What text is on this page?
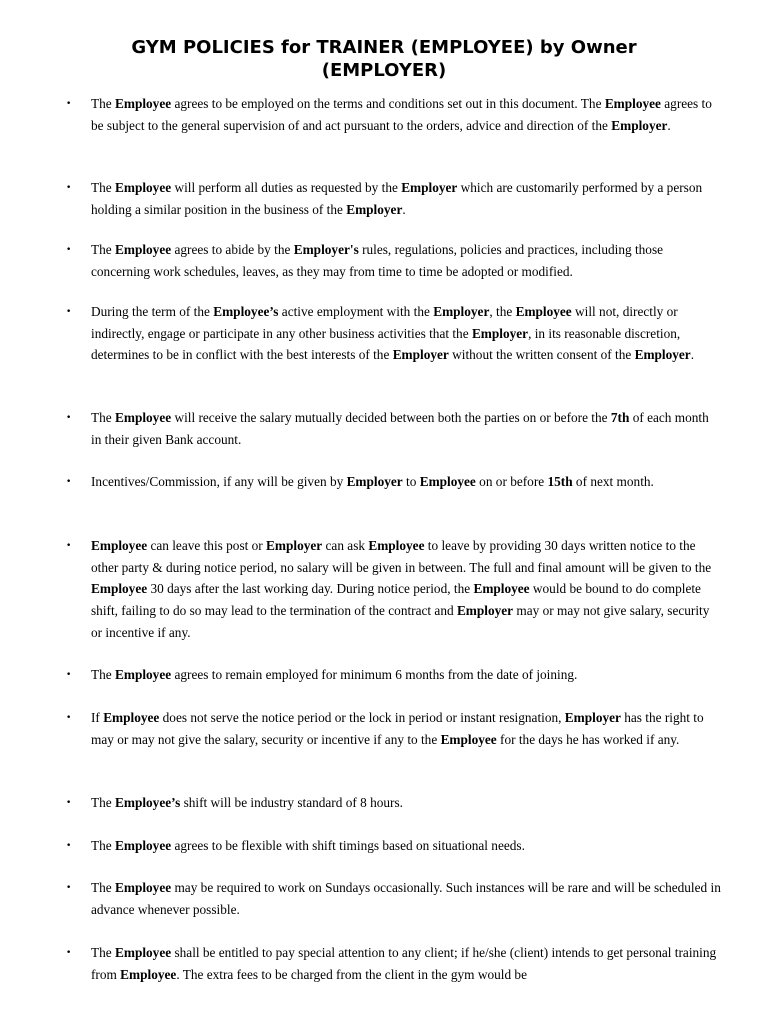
GYM POLICIES for TRAINER (EMPLOYEE) by Owner (EMPLOYER)
• The Employee agrees to be employed on the terms and conditions set out in this document. The Employee agrees to be subject to the general supervision of and act pursuant to the orders, advice and direction of the Employer.

• The Employee will perform all duties as requested by the Employer which are customarily performed by a person holding a similar position in the business of the Employer.

• The Employee agrees to abide by the Employer's rules, regulations, policies and practices, including those concerning work schedules, leaves, as they may from time to time be adopted or modified.

• During the term of the Employee’s active employment with the Employer, the Employee will not, directly or indirectly, engage or participate in any other business activities that the Employer, in its reasonable discretion, determines to be in conflict with the best interests of the Employer without the written consent of the Employer.

• The Employee will receive the salary mutually decided between both the parties on or before the 7th of each month in their given Bank account.

• Incentives/Commission, if any will be given by Employer to Employee on or before 15th of next month.

• Employee can leave this post or Employer can ask Employee to leave by providing 30 days written notice to the other party & during notice period, no salary will be given in between. The full and final amount will be given to the Employee 30 days after the last working day. During notice period, the Employee would be bound to do complete shift, failing to do so may lead to the termination of the contract and Employer may or may not give salary, security or incentive if any.

• The Employee agrees to remain employed for minimum 6 months from the date of joining.

• If Employee does not serve the notice period or the lock in period or instant resignation, Employer has the right to may or may not give the salary, security or incentive if any to the Employee for the days he has worked if any.

• The Employee’s shift will be industry standard of 8 hours.

• The Employee agrees to be flexible with shift timings based on situational needs.

• The Employee may be required to work on Sundays occasionally. Such instances will be rare and will be scheduled in advance whenever possible.

• The Employee shall be entitled to pay special attention to any client; if he/she (client) intends to get personal training from Employee. The extra fees to be charged from the client in the gym would be
